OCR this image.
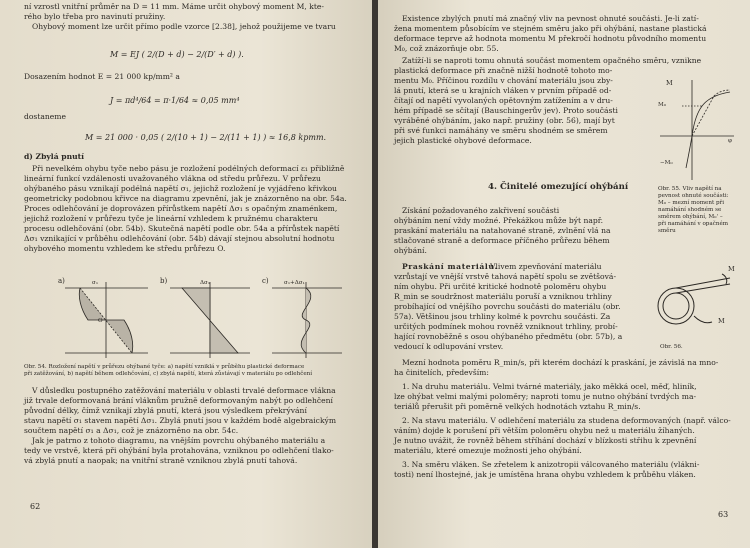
ní vzrostl vnitřní průměr na D = 11 mm. Máme určit ohybový moment M, kte-
rého bylo třeba pro navinutí pružiny.
Ohybový moment lze určit přímo podle vzorce [2.38], jehož použijeme ve tvaru
M = EJ ( 2/(D + d) − 2/(D′ + d) ).
Dosazením hodnot E = 21 000 kp/mm² a
J = πd⁴/64 = π·1/64 ≈ 0,05 mm⁴
dostaneme
M = 21 000 · 0,05 ( 2/(10 + 1) − 2/(11 + 1) ) ≈ 16,8 kpmm.
d) Zbylá pnutí
Při nevelkém ohybu tyče nebo pásu je rozložení podélných deformací ε₁ přibližně
lineární funkcí vzdálenosti uvažovaného vlákna od středu průřezu. V průřezu
ohýbaného pásu vznikají podélná napětí σ₁, jejichž rozložení je vyjádřeno křivkou
geometricky podobnou křivce na diagramu zpevnění, jak je znázorněno na obr. 54a.
Proces odlehčování je doprovázen přírůstkem napětí Δσ₁ s opačným znaménkem,
jejichž rozložení v průřezu tyče je lineární vzhledem k pružnému charakteru
procesu odlehčování (obr. 54b). Skutečná napětí podle obr. 54a a přírůstek napětí
Δσ₁ vznikající v průběhu odlehčování (obr. 54b) dávají stejnou absolutní hodnotu
ohybového momentu vzhledem ke středu průřezu O.
a)	b)	c)
σ₁	Δσ₁	σ₁+Δσ₁
O
Obr. 54. Rozložení napětí v průřezu ohýbané tyče: a) napětí vzniklá v průběhu plastické deformace
při zatěžování, b) napětí během odlehčování, c) zbylá napětí, která zůstávají v materiálu po odlehčení
V důsledku postupného zatěžování materiálu v oblasti trvalé deformace vlákna
již trvale deformovaná brání vláknům pružně deformovaným nabýt po odlehčení
původní délky, čímž vznikají zbylá pnutí, která jsou výsledkem překrývání
stavu napětí σ₁ stavem napětí Δσ₁. Zbylá pnutí jsou v každém bodě algebraickým
součtem napětí σ₁ a Δσ₁, což je znázorněno na obr. 54c.
Jak je patrno z tohoto diagramu, na vnějším povrchu ohýbaného materiálu a
tedy ve vrstvě, která při ohýbání byla protahována, vzniknou po odlehčení tlako-
vá zbylá pnutí a naopak; na vnitřní straně vzniknou zbylá pnutí tahová.
62
Existence zbylých pnutí má značný vliv na pevnost ohnuté součásti. Je-li zatí-
žena momentem působícím ve stejném směru jako při ohýbání, nastane plastická
deformace teprve až hodnota momentu M překročí hodnotu původního momentu
M₀, což znázorňuje obr. 55.
Zatíží-li se naproti tomu ohnutá součást momentem opačného směru, vznikne
plastická deformace při značně nižší hodnotě tohoto mo-
mentu M₀. Příčinou rozdílu v chování materiálu jsou zby-
lá pnutí, která se u krajních vláken v prvním případě od-
čítají od napětí vyvolaných opětovným zatížením a v dru-
hém případě se sčítají (Bauschingerův jev). Proto součásti
vyráběné ohýbáním, jako např. pružiny (obr. 56), mají byt
při své funkci namáhány ve směru shodném se směrem
jejich plastické ohybové deformace.
M
M₀
φ
−M₀
Obr. 55. Vliv napětí na
pevnost ohnuté součásti:
M₀ – mezní moment při
namáhání shodném se
směrem ohýbání, M₀' –
při namáhání v opačném
směru
4. Činitelé omezující ohýbání
Získání požadovaného zakřivení součásti
ohýbáním není vždy možné. Překážkou může být např.
praskání materiálu na natahované straně, zvlnění vlá na
stlačované straně a deformace příčného průřezu během
ohýbání.
Praskání materiálu.
Vlivem zpevňování materiálu
vzrůstají ve vnější vrstvě tahová napětí spolu se zvětšová-
ním ohybu. Při určité kritické hodnotě poloměru ohybu
R_min se soudržnost materiálu poruší a vzniknou trhliny
probíhající od vnějšího povrchu součásti do materiálu (obr.
57a). Většinou jsou trhliny kolmé k povrchu součásti. Za
určitých podmínek mohou rovněž vzniknout trhliny, probí-
hající rovnoběžně s osou ohýbaného předmětu (obr. 57b), a
vedoucí k odlupování vrstev.
M
M
Obr. 56.
Mezní hodnota poměru R_min/s, při kterém dochází k praskání, je závislá na mno-
ha činitelích, především:
1. Na druhu materiálu. Velmi tvárné materiály, jako měkká ocel, měď, hliník,
lze ohýbat velmi malými poloměry; naproti tomu je nutno ohýbání tvrdých ma-
teriálů přerušit při poměrně velkých hodnotách vztahu R_min/s.
2. Na stavu materiálu. V odlehčení materiálu za studena deformovaných (např. válco-
váním) dojde k porušení při větším poloměru ohybu než u materiálu žíhaných.
Je nutno uvážit, že rovněž během stříhání dochází v blízkosti střihu k zpevnění
materiálu, které omezuje možnosti jeho ohýbání.
3. Na směru vláken. Se zřetelem k anizotropii válcovaného materiálu (vlákni-
tosti) není lhostejné, jak je umístěna hrana ohybu vzhledem k průběhu vláken.
63
